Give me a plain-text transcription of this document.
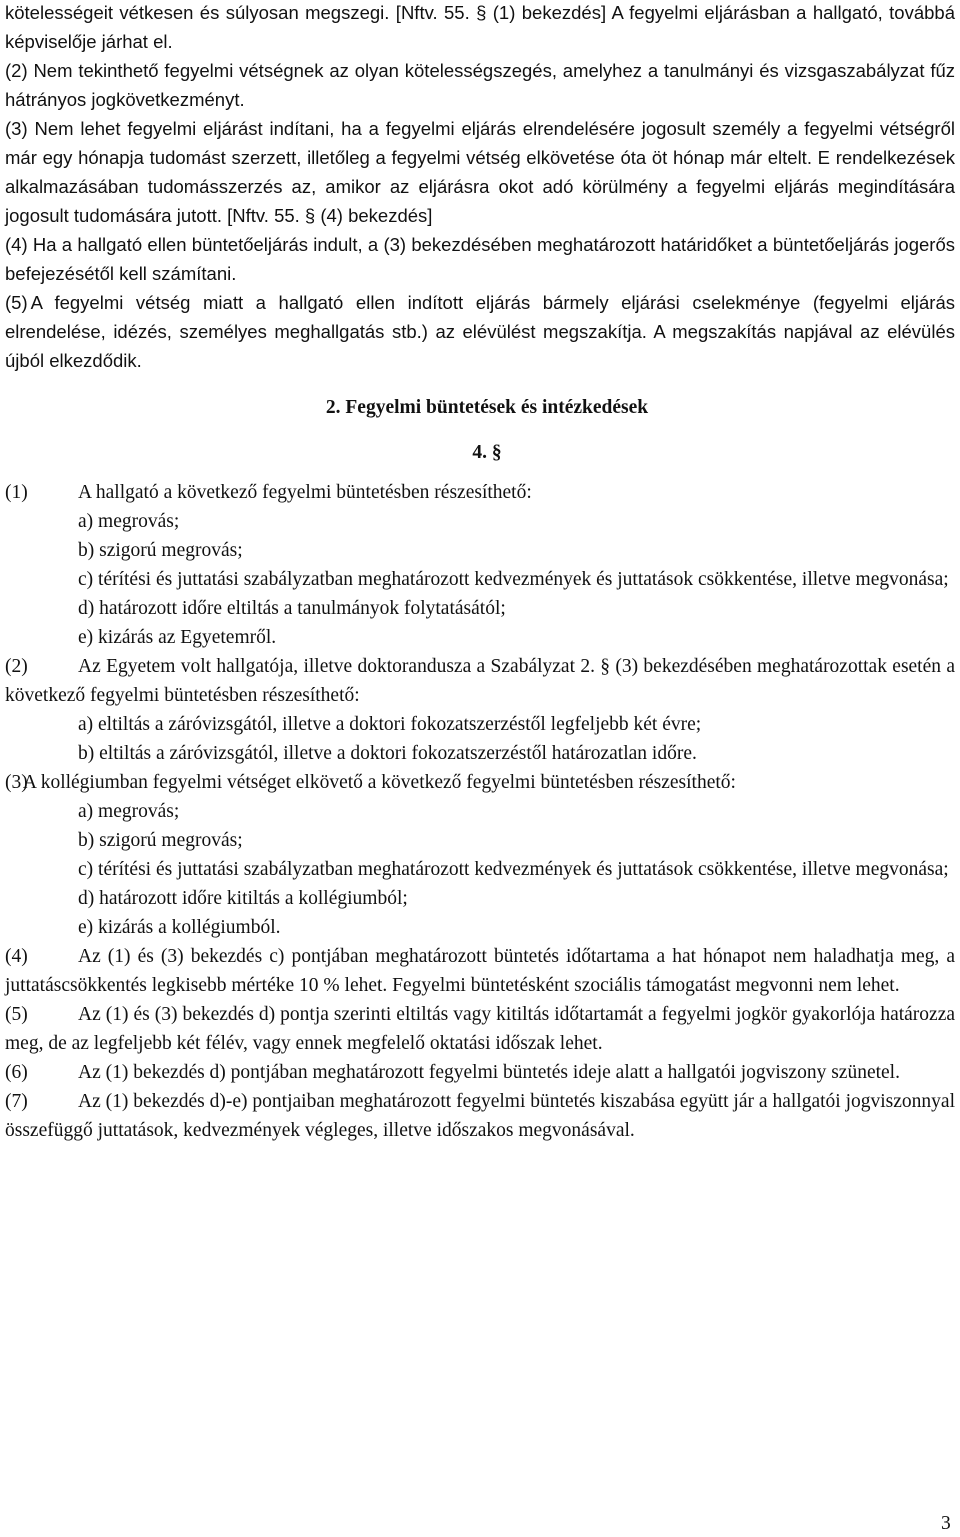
kötelességeit vétkesen és súlyosan megszegi. [Nftv. 55. § (1) bekezdés] A fegyelmi eljárásban a hallgató, továbbá képviselője járhat el.

(2) Nem tekinthető fegyelmi vétségnek az olyan kötelességszegés, amelyhez a tanulmányi és vizsgaszabályzat fűz hátrányos jogkövetkezményt.

(3) Nem lehet fegyelmi eljárást indítani, ha a fegyelmi eljárás elrendelésére jogosult személy a fegyelmi vétségről már egy hónapja tudomást szerzett, illetőleg a fegyelmi vétség elkövetése óta öt hónap már eltelt. E rendelkezések alkalmazásában tudomásszerzés az, amikor az eljárásra okot adó körülmény a fegyelmi eljárás megindítására jogosult tudomására jutott. [Nftv. 55. § (4) bekezdés]

(4) Ha a hallgató ellen büntetőeljárás indult, a (3) bekezdésében meghatározott határidőket a büntetőeljárás jogerős befejezésétől kell számítani.

(5) A fegyelmi vétség miatt a hallgató ellen indított eljárás bármely eljárási cselekménye (fegyelmi eljárás elrendelése, idézés, személyes meghallgatás stb.) az elévülést megszakítja. A megszakítás napjával az elévülés újból elkezdődik.

2. Fegyelmi büntetések és intézkedések

4. §

(1)	A hallgató a következő fegyelmi büntetésben részesíthető:

a) megrovás;

b) szigorú megrovás;

c) térítési és juttatási szabályzatban meghatározott kedvezmények és juttatások csökkentése, illetve megvonása;

d) határozott időre eltiltás a tanulmányok folytatásától;

e) kizárás az Egyetemről.

(2)	Az Egyetem volt hallgatója, illetve doktorandusza a Szabályzat 2. § (3) bekezdésében meghatározottak esetén a következő fegyelmi büntetésben részesíthető:

a) eltiltás a záróvizsgától, illetve a doktori fokozatszerzéstől legfeljebb két évre;

b) eltiltás a záróvizsgától, illetve a doktori fokozatszerzéstől határozatlan időre.

(3) A kollégiumban fegyelmi vétséget elkövető a következő fegyelmi büntetésben részesíthető:

a) megrovás;

b) szigorú megrovás;

c) térítési és juttatási szabályzatban meghatározott kedvezmények és juttatások csökkentése, illetve megvonása;

d) határozott időre kitiltás a kollégiumból;

e) kizárás a kollégiumból.

(4)	Az (1) és (3) bekezdés c) pontjában meghatározott büntetés időtartama a hat hónapot nem haladhatja meg, a juttatáscsökkentés legkisebb mértéke 10 % lehet. Fegyelmi büntetésként szociális támogatást megvonni nem lehet.

(5)	Az (1) és (3) bekezdés d) pontja szerinti eltiltás vagy kitiltás időtartamát a fegyelmi jogkör gyakorlója határozza meg, de az legfeljebb két félév, vagy ennek megfelelő oktatási időszak lehet.

(6)	Az (1) bekezdés d) pontjában meghatározott fegyelmi büntetés ideje alatt a hallgatói jogviszony szünetel.

(7)	Az (1) bekezdés d)-e) pontjaiban meghatározott fegyelmi büntetés kiszabása együtt jár a hallgatói jogviszonnyal összefüggő juttatások, kedvezmények végleges, illetve időszakos megvonásával.

3
